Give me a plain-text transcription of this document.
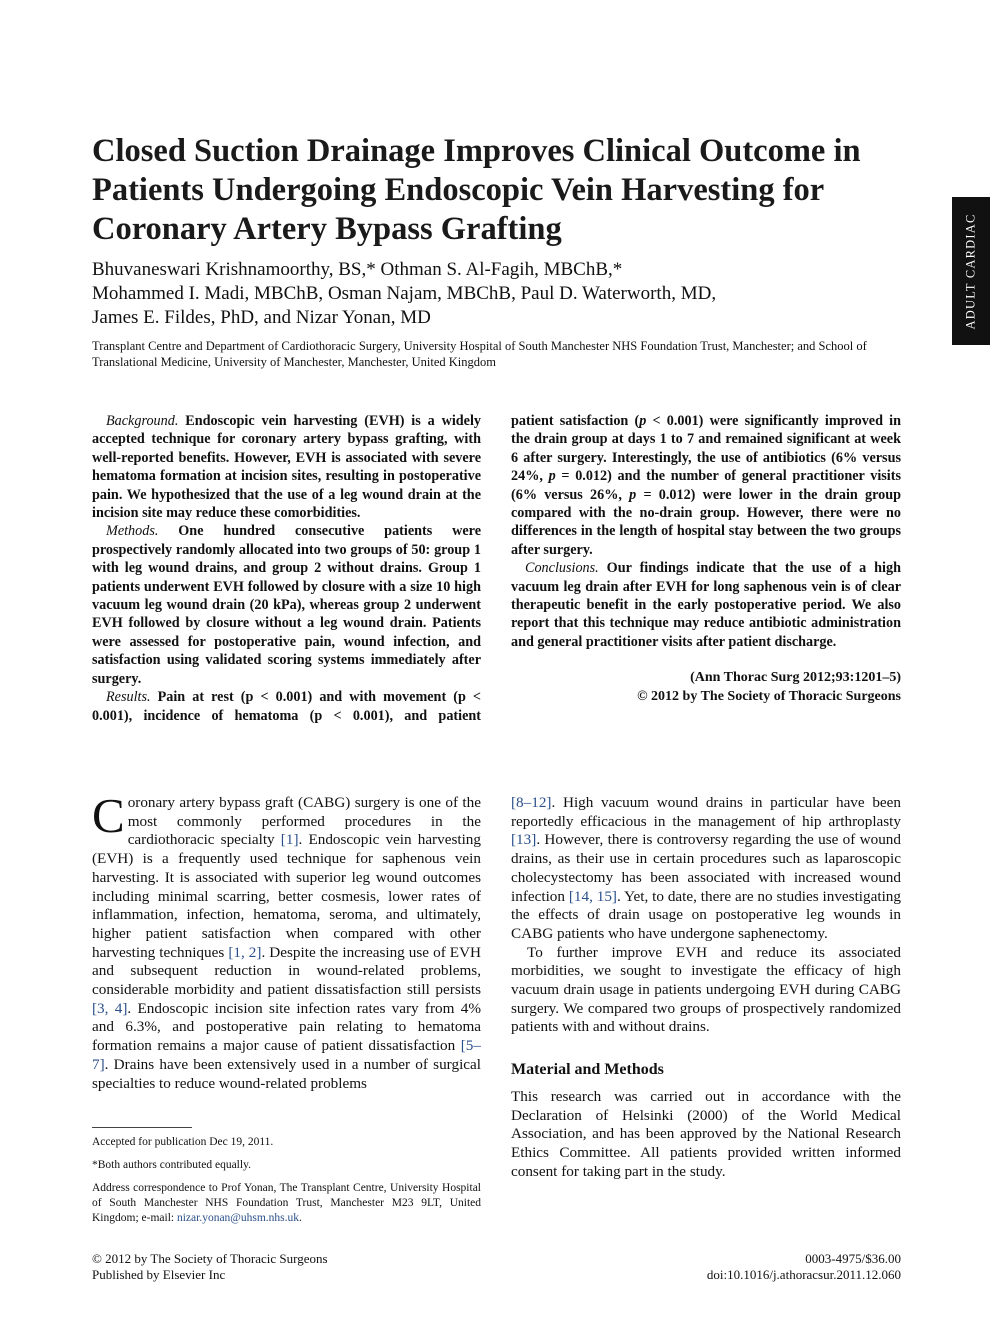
Closed Suction Drainage Improves Clinical Outcome in Patients Undergoing Endoscopic Vein Harvesting for Coronary Artery Bypass Grafting
Bhuvaneswari Krishnamoorthy, BS,* Othman S. Al-Fagih, MBChB,*
Mohammed I. Madi, MBChB, Osman Najam, MBChB, Paul D. Waterworth, MD,
James E. Fildes, PhD, and Nizar Yonan, MD
Transplant Centre and Department of Cardiothoracic Surgery, University Hospital of South Manchester NHS Foundation Trust, Manchester; and School of Translational Medicine, University of Manchester, Manchester, United Kingdom
ADULT CARDIAC

Background. Endoscopic vein harvesting (EVH) is a widely accepted technique for coronary artery bypass grafting, with well-reported benefits. However, EVH is associated with severe hematoma formation at incision sites, resulting in postoperative pain. We hypothesized that the use of a leg wound drain at the incision site may reduce these comorbidities.

Methods. One hundred consecutive patients were prospectively randomly allocated into two groups of 50: group 1 with leg wound drains, and group 2 without drains. Group 1 patients underwent EVH followed by closure with a size 10 high vacuum leg wound drain (20 kPa), whereas group 2 underwent EVH followed by closure without a leg wound drain. Patients were assessed for postoperative pain, wound infection, and satisfaction using validated scoring systems immediately after surgery.

Results. Pain at rest (p < 0.001) and with movement (p < 0.001), incidence of hematoma (p < 0.001), and patient

patient satisfaction (p < 0.001) were significantly improved in the drain group at days 1 to 7 and remained significant at week 6 after surgery. Interestingly, the use of antibiotics (6% versus 24%, p = 0.012) and the number of general practitioner visits (6% versus 26%, p = 0.012) were lower in the drain group compared with the no-drain group. However, there were no differences in the length of hospital stay between the two groups after surgery.

Conclusions. Our findings indicate that the use of a high vacuum leg drain after EVH for long saphenous vein is of clear therapeutic benefit in the early postoperative period. We also report that this technique may reduce antibiotic administration and general practitioner visits after patient discharge.

(Ann Thorac Surg 2012;93:1201–5)
© 2012 by The Society of Thoracic Surgeons

Coronary artery bypass graft (CABG) surgery is one of the most commonly performed procedures in the cardiothoracic specialty [1]. Endoscopic vein harvesting (EVH) is a frequently used technique for saphenous vein harvesting. It is associated with superior leg wound outcomes including minimal scarring, better cosmesis, lower rates of inflammation, infection, hematoma, seroma, and ultimately, higher patient satisfaction when compared with other harvesting techniques [1, 2]. Despite the increasing use of EVH and subsequent reduction in wound-related problems, considerable morbidity and patient dissatisfaction still persists [3, 4]. Endoscopic incision site infection rates vary from 4% and 6.3%, and postoperative pain relating to hematoma formation remains a major cause of patient dissatisfaction [5–7]. Drains have been extensively used in a number of surgical specialties to reduce wound-related problems

[8–12]. High vacuum wound drains in particular have been reportedly efficacious in the management of hip arthroplasty [13]. However, there is controversy regarding the use of wound drains, as their use in certain procedures such as laparoscopic cholecystectomy has been associated with increased wound infection [14, 15]. Yet, to date, there are no studies investigating the effects of drain usage on postoperative leg wounds in CABG patients who have undergone saphenectomy.

To further improve EVH and reduce its associated morbidities, we sought to investigate the efficacy of high vacuum drain usage in patients undergoing EVH during CABG surgery. We compared two groups of prospectively randomized patients with and without drains.

Material and Methods

This research was carried out in accordance with the Declaration of Helsinki (2000) of the World Medical Association, and has been approved by the National Research Ethics Committee. All patients provided written informed consent for taking part in the study.

Accepted for publication Dec 19, 2011.

*Both authors contributed equally.

Address correspondence to Prof Yonan, The Transplant Centre, University Hospital of South Manchester NHS Foundation Trust, Manchester M23 9LT, United Kingdom; e-mail: nizar.yonan@uhsm.nhs.uk.

© 2012 by The Society of Thoracic Surgeons
Published by Elsevier Inc
0003-4975/$36.00
doi:10.1016/j.athoracsur.2011.12.060
